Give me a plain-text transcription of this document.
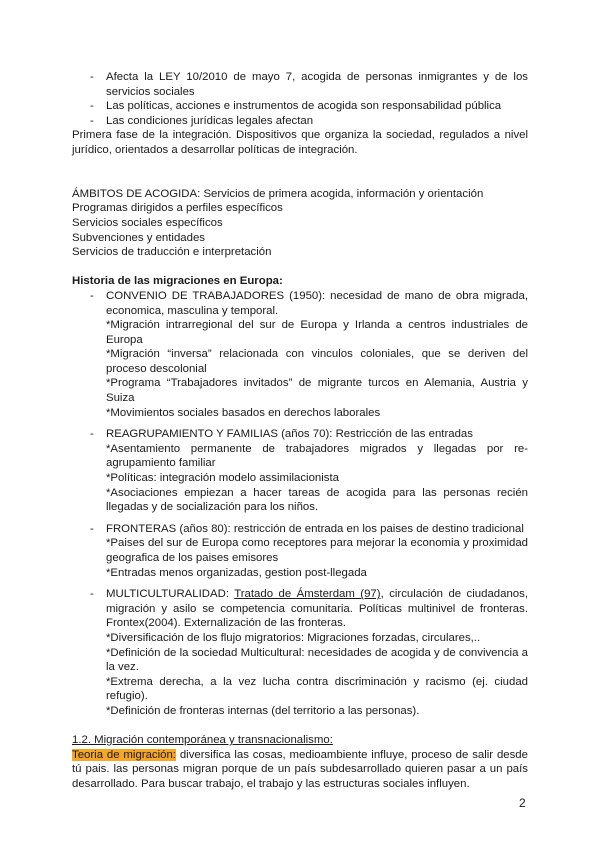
- Afecta la LEY 10/2010 de mayo 7, acogida de personas inmigrantes y de los servicios sociales
- Las políticas, acciones e instrumentos de acogida son responsabilidad pública
- Las condiciones jurídicas legales afectan

Primera fase de la integración. Dispositivos que organiza la sociedad, regulados a nivel jurídico, orientados a desarrollar políticas de integración.

ÁMBITOS DE ACOGIDA: Servicios de primera acogida, información y orientación
Programas dirigidos a perfiles específicos
Servicios sociales específicos
Subvenciones y entidades
Servicios de traducción e interpretación

Historia de las migraciones en Europa:

- CONVENIO DE TRABAJADORES (1950): necesidad de mano de obra migrada, economica, masculina y temporal.
*Migración intrarregional del sur de Europa y Irlanda a centros industriales de Europa
*Migración “inversa” relacionada con vinculos coloniales, que se deriven del proceso descolonial
*Programa “Trabajadores invitados” de migrante turcos en Alemania, Austria y Suiza
*Movimientos sociales basados en derechos laborales
- REAGRUPAMIENTO Y FAMILIAS (años 70): Restricción de las entradas
*Asentamiento permanente de trabajadores migrados y llegadas por re-agrupamiento familiar
*Políticas: integración modelo assimilacionista
*Asociaciones empiezan a hacer tareas de acogida para las personas recién llegadas y de socialización para los niños.
- FRONTERAS (años 80): restricción de entrada en los paises de destino tradicional
*Paises del sur de Europa como receptores para mejorar la economia y proximidad geografica de los paises emisores
*Entradas menos organizadas, gestion post-llegada
- MULTICULTURALIDAD: Tratado de Ámsterdam (97), circulación de ciudadanos, migración y asilo se competencia comunitaria. Políticas multinivel de fronteras. Frontex(2004). Externalización de las fronteras.
*Diversificación de los flujo migratorios: Migraciones forzadas, circulares,..
*Definición de la sociedad Multicultural: necesidades de acogida y de convivencia a la vez.
*Extrema derecha, a la vez lucha contra discriminación y racismo (ej. ciudad refugio).
*Definición de fronteras internas (del territorio a las personas).

1.2. Migración contemporánea y transnacionalismo:

Teoria de migración: diversifica las cosas, medioambiente influye, proceso de salir desde tú pais. las personas migran porque de un país subdesarrollado quieren pasar a un país desarrollado. Para buscar trabajo, el trabajo y las estructuras sociales influyen.

2
